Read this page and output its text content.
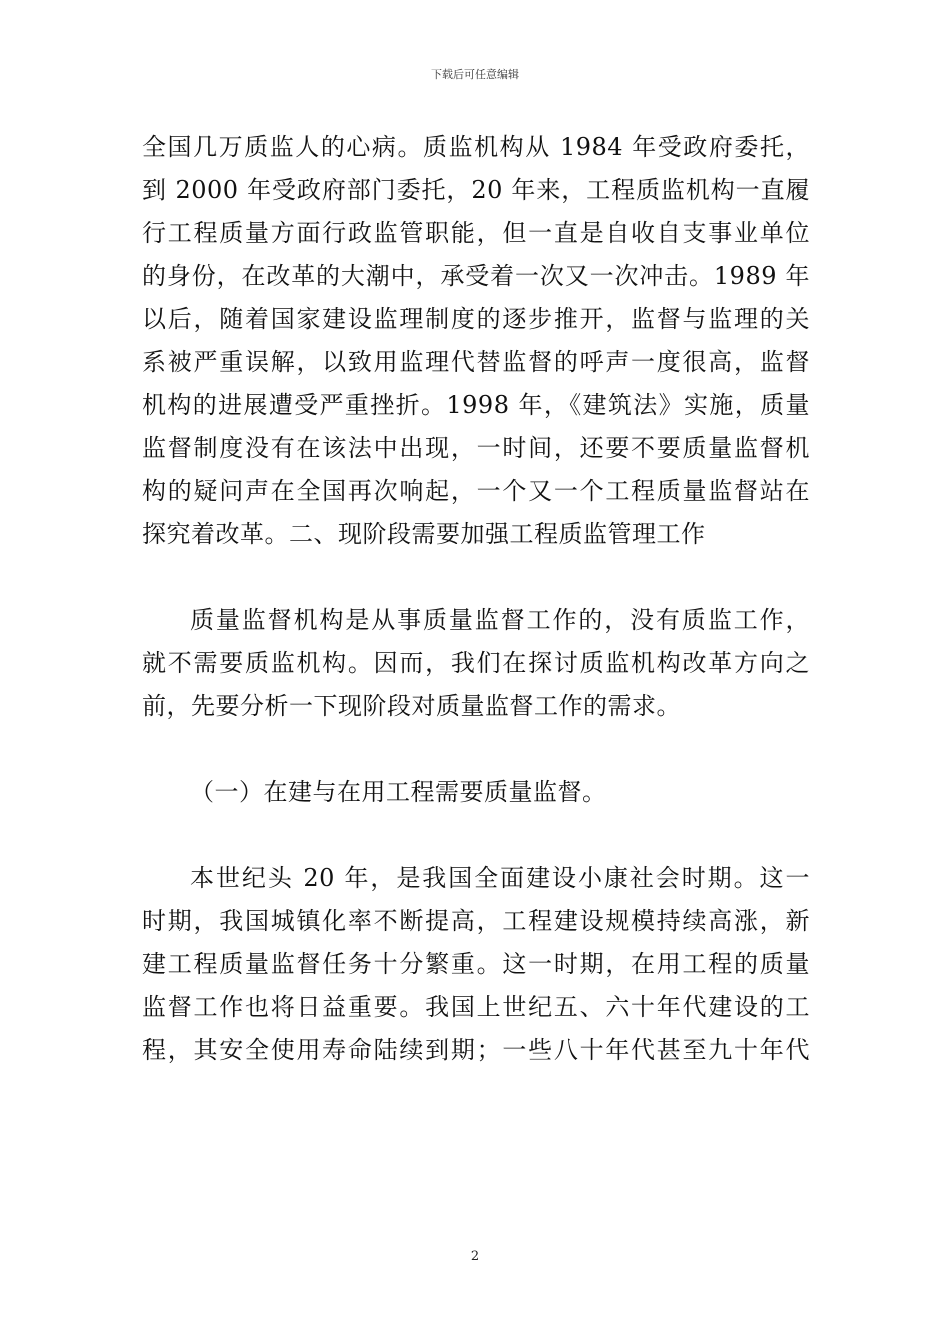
下载后可任意编辑
全国几万质监人的心病。质监机构从 1984 年受政府委托，
到 2000 年受政府部门委托，20 年来，工程质监机构一直履
行工程质量方面行政监管职能，但一直是自收自支事业单位
的身份，在改革的大潮中，承受着一次又一次冲击。1989 年
以后，随着国家建设监理制度的逐步推开，监督与监理的关
系被严重误解，以致用监理代替监督的呼声一度很高，监督
机构的进展遭受严重挫折。1998 年，《建筑法》实施，质量
监督制度没有在该法中出现，一时间，还要不要质量监督机
构的疑问声在全国再次响起，一个又一个工程质量监督站在
探究着改革。二、现阶段需要加强工程质监管理工作
质量监督机构是从事质量监督工作的，没有质监工作，
就不需要质监机构。因而，我们在探讨质监机构改革方向之
前，先要分析一下现阶段对质量监督工作的需求。
（一）在建与在用工程需要质量监督。
本世纪头 20 年，是我国全面建设小康社会时期。这一
时期，我国城镇化率不断提高，工程建设规模持续高涨，新
建工程质量监督任务十分繁重。这一时期，在用工程的质量
监督工作也将日益重要。我国上世纪五、六十年代建设的工
程，其安全使用寿命陆续到期；一些八十年代甚至九十年代
2
